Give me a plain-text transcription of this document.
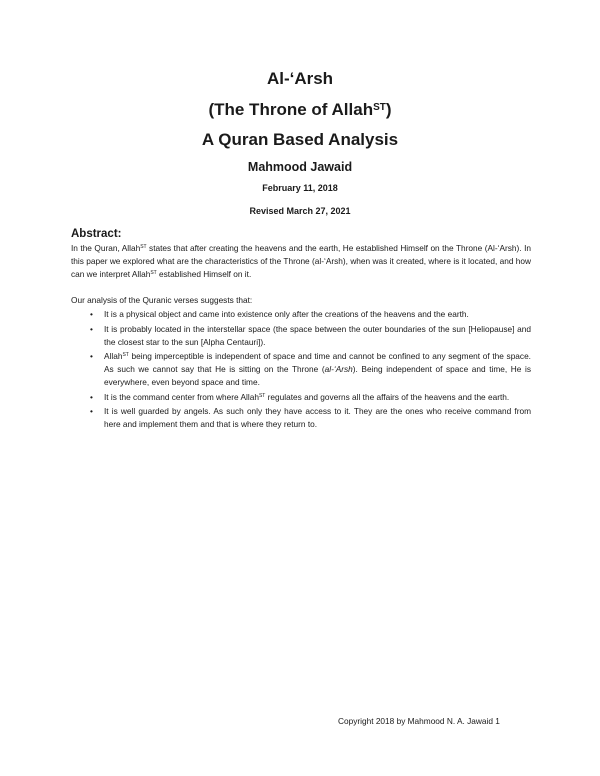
Al-‘Arsh
(The Throne of Allah$^{ST}$)
A Quran Based Analysis
Mahmood Jawaid
February 11, 2018
Revised March 27, 2021
Abstract:

In the Quran, Allah$^{ST}$ states that after creating the heavens and the earth, He established Himself on the Throne (Al-‘Arsh). In this paper we explored what are the characteristics of the Throne (al-‘Arsh), when was it created, where is it located, and how can we interpret Allah$^{ST}$ established Himself on it.

Our analysis of the Quranic verses suggests that:

• It is a physical object and came into existence only after the creations of the heavens and the earth.
• It is probably located in the interstellar space (the space between the outer boundaries of the sun [Heliopause] and the closest star to the sun [Alpha Centauri]).
• Allah$^{ST}$ being imperceptible is independent of space and time and cannot be confined to any segment of the space. As such we cannot say that He is sitting on the Throne (al-‘Arsh). Being independent of space and time, He is everywhere, even beyond space and time.
• It is the command center from where Allah$^{ST}$ regulates and governs all the affairs of the heavens and the earth.
• It is well guarded by angels. As such only they have access to it. They are the ones who receive command from here and implement them and that is where they return to.
Copyright 2018 by Mahmood N. A. Jawaid 1
